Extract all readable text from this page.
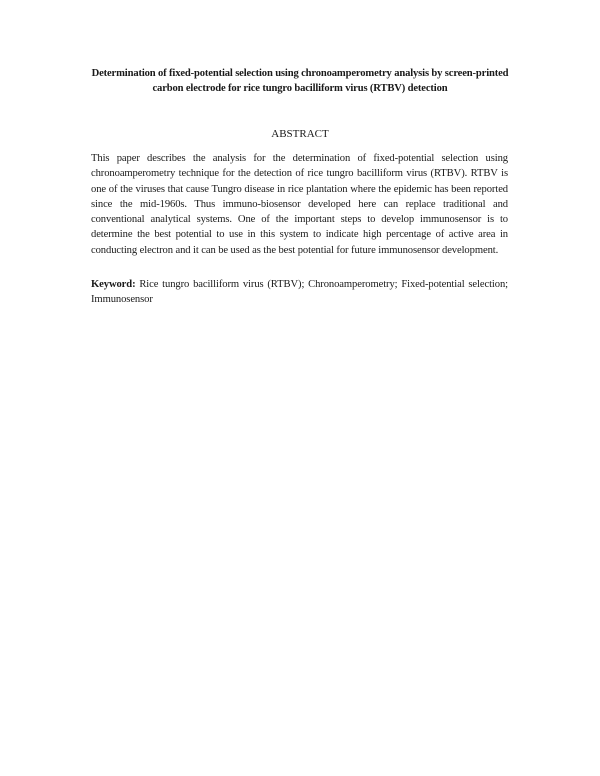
Determination of fixed-potential selection using chronoamperometry analysis by screen-printed carbon electrode for rice tungro bacilliform virus (RTBV) detection
ABSTRACT
This paper describes the analysis for the determination of fixed-potential selection using chronoamperometry technique for the detection of rice tungro bacilliform virus (RTBV). RTBV is one of the viruses that cause Tungro disease in rice plantation where the epidemic has been reported since the mid-1960s. Thus immuno-biosensor developed here can replace traditional and conventional analytical systems. One of the important steps to develop immunosensor is to determine the best potential to use in this system to indicate high percentage of active area in conducting electron and it can be used as the best potential for future immunosensor development.
Keyword: Rice tungro bacilliform virus (RTBV); Chronoamperometry; Fixed-potential selection; Immunosensor
